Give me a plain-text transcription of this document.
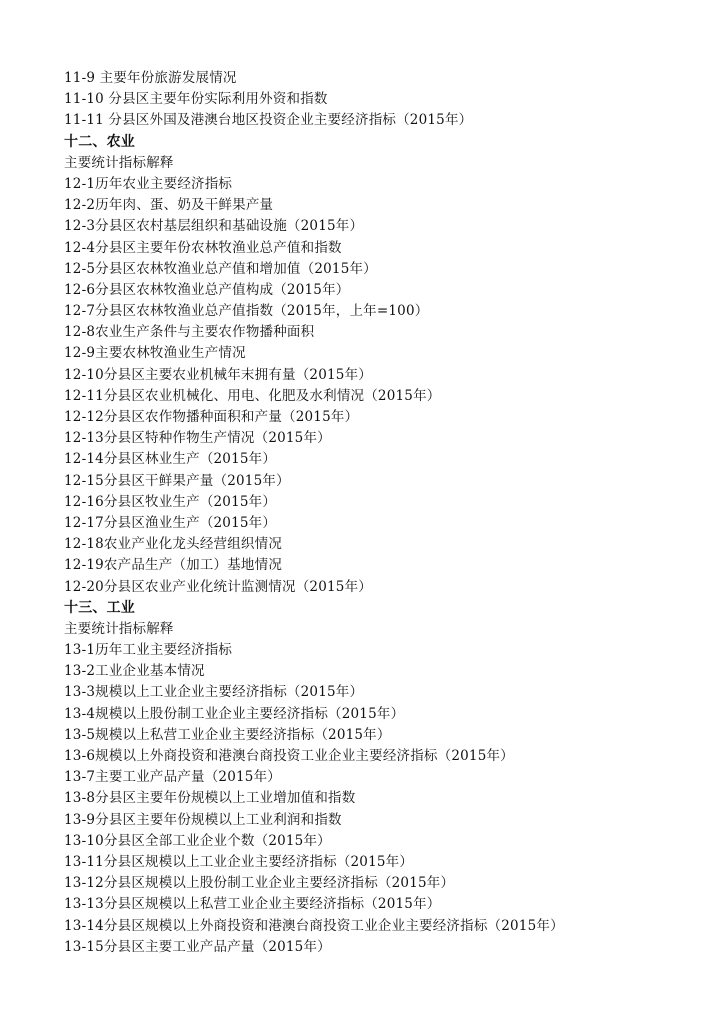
11-9 主要年份旅游发展情况
11-10 分县区主要年份实际利用外资和指数
11-11 分县区外国及港澳台地区投资企业主要经济指标（2015年）
十二、农业
主要统计指标解释
12-1历年农业主要经济指标
12-2历年肉、蛋、奶及干鲜果产量
12-3分县区农村基层组织和基础设施（2015年）
12-4分县区主要年份农林牧渔业总产值和指数
12-5分县区农林牧渔业总产值和增加值（2015年）
12-6分县区农林牧渔业总产值构成（2015年）
12-7分县区农林牧渔业总产值指数（2015年，上年=100）
12-8农业生产条件与主要农作物播种面积
12-9主要农林牧渔业生产情况
12-10分县区主要农业机械年末拥有量（2015年）
12-11分县区农业机械化、用电、化肥及水利情况（2015年）
12-12分县区农作物播种面积和产量（2015年）
12-13分县区特种作物生产情况（2015年）
12-14分县区林业生产（2015年）
12-15分县区干鲜果产量（2015年）
12-16分县区牧业生产（2015年）
12-17分县区渔业生产（2015年）
12-18农业产业化龙头经营组织情况
12-19农产品生产（加工）基地情况
12-20分县区农业产业化统计监测情况（2015年）
十三、工业
主要统计指标解释
13-1历年工业主要经济指标
13-2工业企业基本情况
13-3规模以上工业企业主要经济指标（2015年）
13-4规模以上股份制工业企业主要经济指标（2015年）
13-5规模以上私营工业企业主要经济指标（2015年）
13-6规模以上外商投资和港澳台商投资工业企业主要经济指标（2015年）
13-7主要工业产品产量（2015年）
13-8分县区主要年份规模以上工业增加值和指数
13-9分县区主要年份规模以上工业利润和指数
13-10分县区全部工业企业个数（2015年）
13-11分县区规模以上工业企业主要经济指标（2015年）
13-12分县区规模以上股份制工业企业主要经济指标（2015年）
13-13分县区规模以上私营工业企业主要经济指标（2015年）
13-14分县区规模以上外商投资和港澳台商投资工业企业主要经济指标（2015年）
13-15分县区主要工业产品产量（2015年）
